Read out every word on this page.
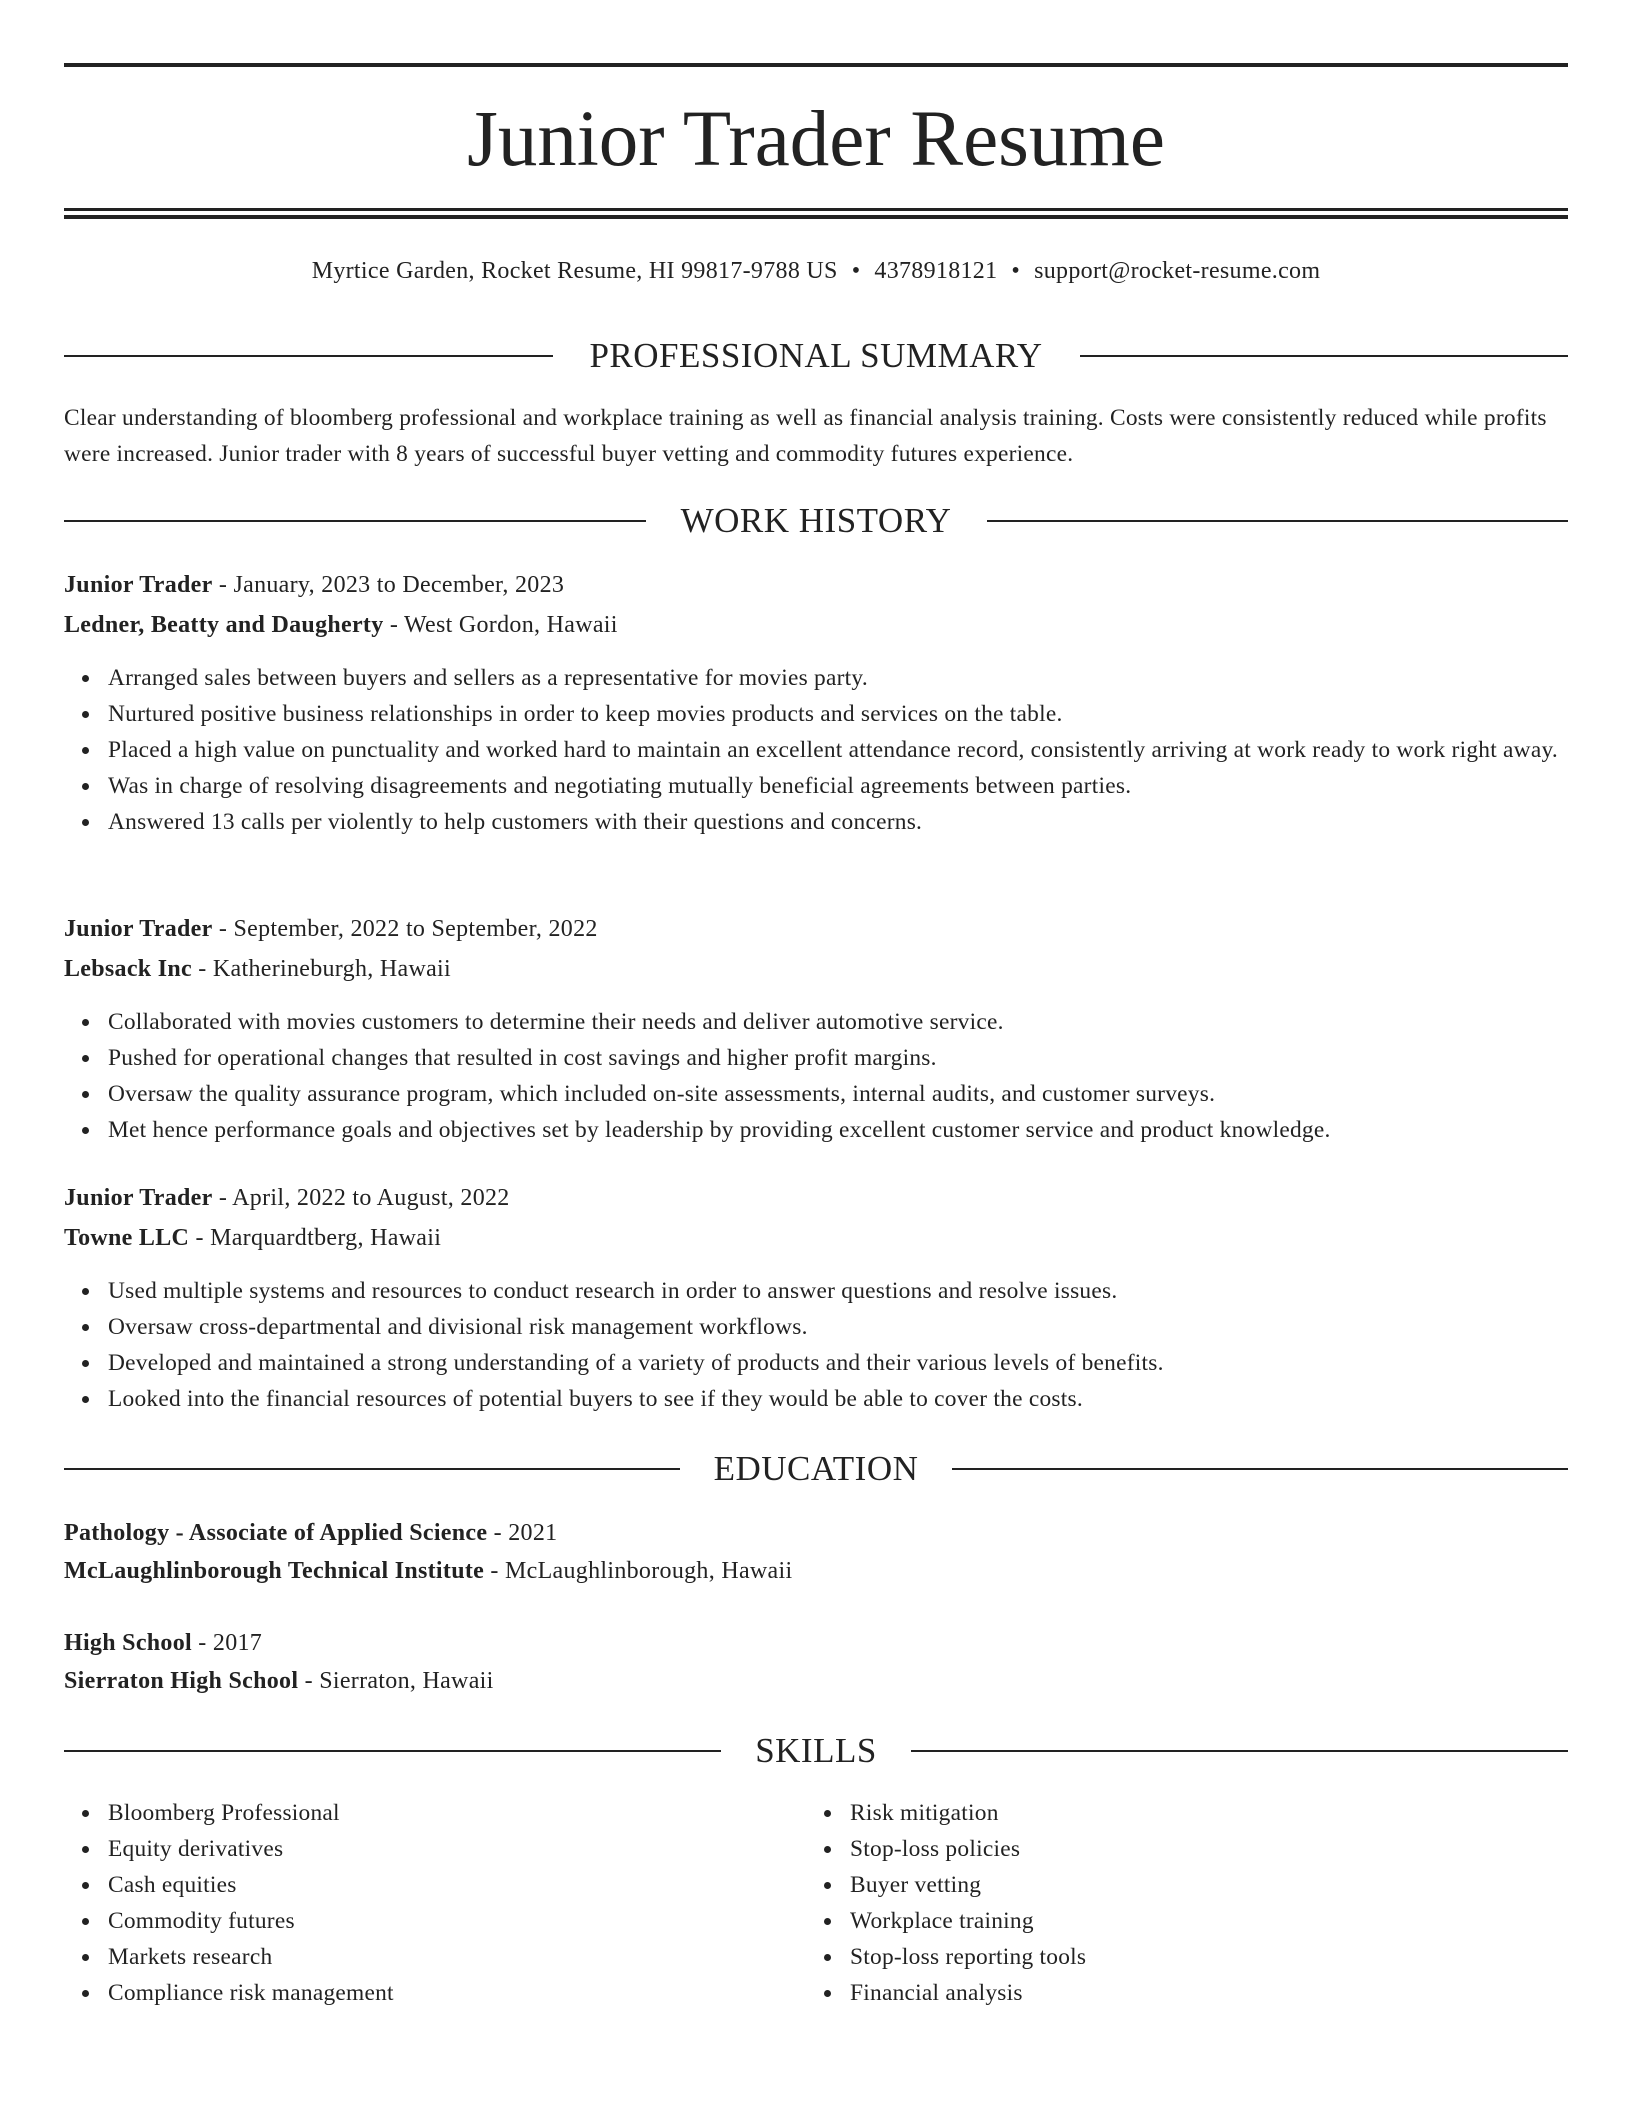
Junior Trader Resume
Myrtice Garden, Rocket Resume, HI 99817-9788 US • 4378918121 • support@rocket-resume.com
PROFESSIONAL SUMMARY

Clear understanding of bloomberg professional and workplace training as well as financial analysis training. Costs were consistently reduced while profits were increased. Junior trader with 8 years of successful buyer vetting and commodity futures experience.

WORK HISTORY
Junior Trader - January, 2023 to December, 2023
Ledner, Beatty and Daugherty - West Gordon, Hawaii
Arranged sales between buyers and sellers as a representative for movies party.
Nurtured positive business relationships in order to keep movies products and services on the table.
Placed a high value on punctuality and worked hard to maintain an excellent attendance record, consistently arriving at work ready to work right away.
Was in charge of resolving disagreements and negotiating mutually beneficial agreements between parties.
Answered 13 calls per violently to help customers with their questions and concerns.
Junior Trader - September, 2022 to September, 2022
Lebsack Inc - Katherineburgh, Hawaii
Collaborated with movies customers to determine their needs and deliver automotive service.
Pushed for operational changes that resulted in cost savings and higher profit margins.
Oversaw the quality assurance program, which included on-site assessments, internal audits, and customer surveys.
Met hence performance goals and objectives set by leadership by providing excellent customer service and product knowledge.
Junior Trader - April, 2022 to August, 2022
Towne LLC - Marquardtberg, Hawaii
Used multiple systems and resources to conduct research in order to answer questions and resolve issues.
Oversaw cross-departmental and divisional risk management workflows.
Developed and maintained a strong understanding of a variety of products and their various levels of benefits.
Looked into the financial resources of potential buyers to see if they would be able to cover the costs.
EDUCATION
Pathology - Associate of Applied Science - 2021
McLaughlinborough Technical Institute - McLaughlinborough, Hawaii
High School - 2017
Sierraton High School - Sierraton, Hawaii
SKILLS
Bloomberg Professional
Equity derivatives
Cash equities
Commodity futures
Markets research
Compliance risk management
Risk mitigation
Stop-loss policies
Buyer vetting
Workplace training
Stop-loss reporting tools
Financial analysis
